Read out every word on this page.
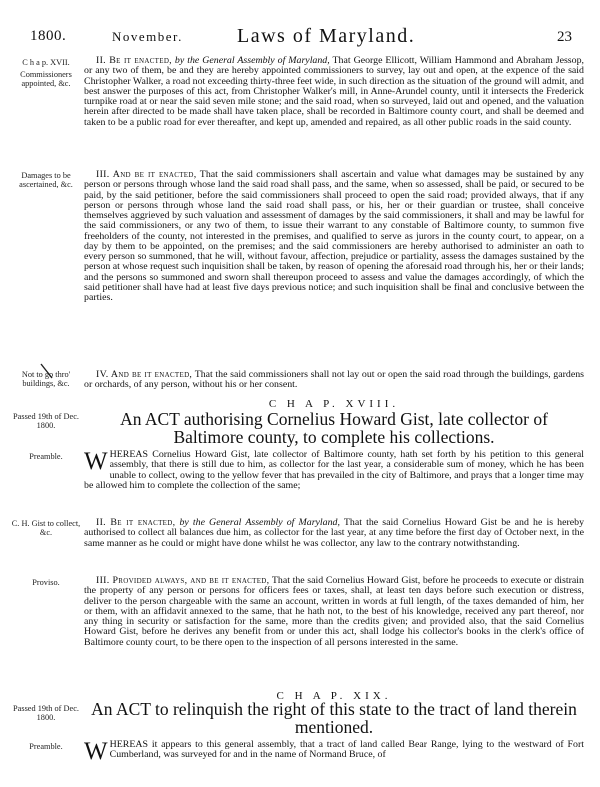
1800.	November.	Laws of Maryland.	23
C h a p. XVII.
Commissioners appointed, &c.

II. Be it enacted, by the General Assembly of Maryland, That George Ellicott, William Hammond and Abraham Jessop, or any two of them, be and they are hereby appointed commissioners to survey, lay out and open, at the expence of the said Christopher Walker, a road not exceeding thirty-three feet wide, in such direction as the situation of the ground will admit, and best answer the purposes of this act, from Christopher Walker's mill, in Anne-Arundel county, until it intersects the Frederick turnpike road at or near the said seven mile stone; and the said road, when so surveyed, laid out and opened, and the valuation herein after directed to be made shall have taken place, shall be recorded in Baltimore county court, and shall be deemed and taken to be a public road for ever thereafter, and kept up, amended and repaired, as all other public roads in the said county.

Damages to be ascertained, &c.

III. And be it enacted, That the said commissioners shall ascertain and value what damages may be sustained by any person or persons through whose land the said road shall pass, and the same, when so assessed, shall be paid, or secured to be paid, by the said petitioner, before the said commissioners shall proceed to open the said road; provided always, that if any person or persons through whose land the said road shall pass, or his, her or their guardian or trustee, shall conceive themselves aggrieved by such valuation and assessment of damages by the said commissioners, it shall and may be lawful for the said commissioners, or any two of them, to issue their warrant to any constable of Baltimore county, to summon five freeholders of the county, not interested in the premises, and qualified to serve as jurors in the county court, to appear, on a day by them to be appointed, on the premises; and the said commissioners are hereby authorised to administer an oath to every person so summoned, that he will, without favour, affection, prejudice or partiality, assess the damages sustained by the person at whose request such inquisition shall be taken, by reason of opening the aforesaid road through his, her or their lands; and the persons so summoned and sworn shall thereupon proceed to assess and value the damages accordingly, of which the said petitioner shall have had at least five days previous notice; and such inquisition shall be final and conclusive between the parties.

Not to go thro' buildings, &c.

IV. And be it enacted, That the said commissioners shall not lay out or open the said road through the buildings, gardens or orchards, of any person, without his or her consent.

C H A P. XVIII.
Passed 19th of Dec. 1800.	An ACT authorising Cornelius Howard Gist, late collector of Baltimore county, to complete his collections.
Preamble. WHEREAS Cornelius Howard Gist, late collector of Baltimore county, hath set forth by his petition to this general assembly, that there is still due to him, as collector for the last year, a considerable sum of money, which he has been unable to collect, owing to the yellow fever that has prevailed in the city of Baltimore, and prays that a longer time may be allowed him to complete the collection of the same;

C. H. Gist to collect, &c.

II. Be it enacted, by the General Assembly of Maryland, That the said Cornelius Howard Gist be and he is hereby authorised to collect all balances due him, as collector for the last year, at any time before the first day of October next, in the same manner as he could or might have done whilst he was collector, any law to the contrary notwithstanding.

Proviso.	III. Provided always, and be it enacted, That the said Cornelius Howard Gist, before he proceeds to execute or distrain the property of any person or persons for officers fees or taxes, shall, at least ten days before such execution or distress, deliver to the person chargeable with the same an account, written in words at full length, of the taxes demanded of him, her or them, with an affidavit annexed to the same, that he hath not, to the best of his knowledge, received any part thereof, nor any thing in security or satisfaction for the same, more than the credits given; and provided also, that the said Cornelius Howard Gist, before he derives any benefit from or under this act, shall lodge his collector's books in the clerk's office of Baltimore county court, to be there open to the inspection of all persons interested in the same.

C H A P. XIX.
Passed 19th of Dec. 1800.	An ACT to relinquish the right of this state to the tract of land therein mentioned.
Preamble. WHEREAS it appears to this general assembly, that a tract of land called Bear Range, lying to the westward of Fort Cumberland, was surveyed for and in the name of Normand Bruce, of
